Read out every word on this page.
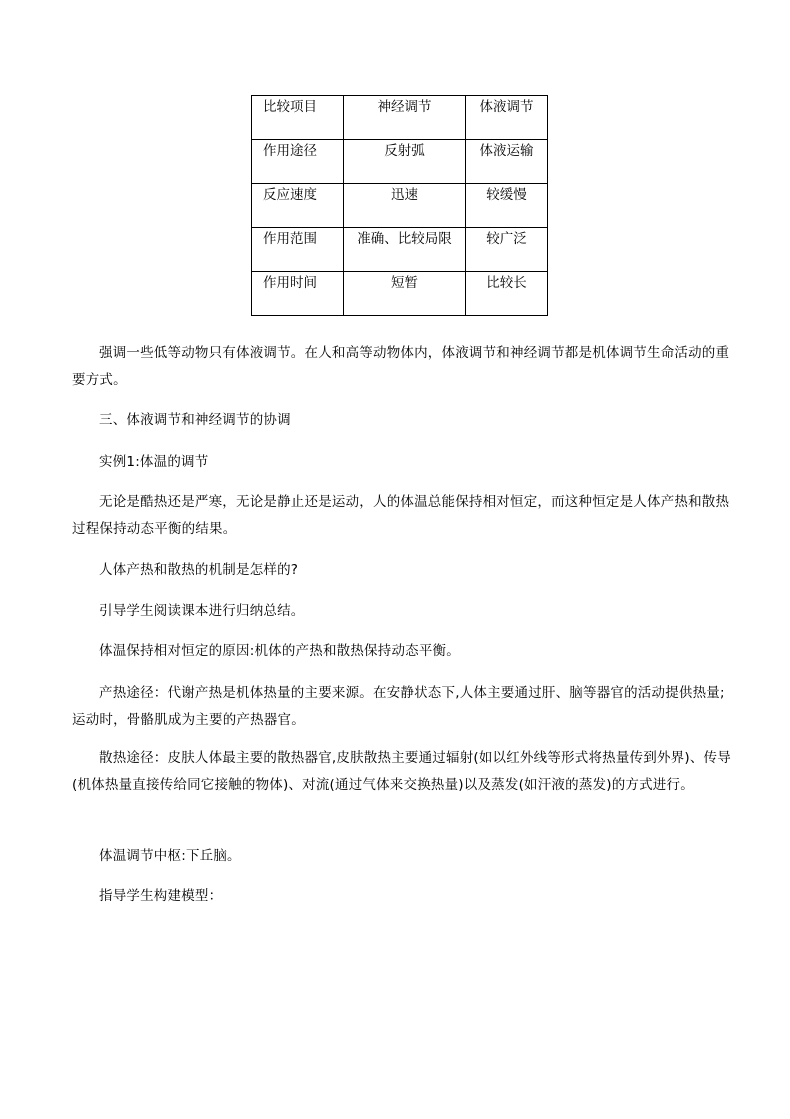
比较项目	神经调节	体液调节
作用途径	反射弧	体液运输
反应速度	迅速	较缓慢
作用范围	准确、比较局限	较广泛
作用时间	短暂	比较长

强调一些低等动物只有体液调节。在人和高等动物体内，体液调节和神经调节都是机体调节生命活动的重要方式。

三、体液调节和神经调节的协调

实例1:体温的调节

无论是酷热还是严寒，无论是静止还是运动，人的体温总能保持相对恒定，而这种恒定是人体产热和散热过程保持动态平衡的结果。

人体产热和散热的机制是怎样的?

引导学生阅读课本进行归纳总结。

体温保持相对恒定的原因:机体的产热和散热保持动态平衡。

产热途径：代谢产热是机体热量的主要来源。在安静状态下,人体主要通过肝、脑等器官的活动提供热量;运动时，骨骼肌成为主要的产热器官。

散热途径：皮肤人体最主要的散热器官,皮肤散热主要通过辐射(如以红外线等形式将热量传到外界)、传导(机体热量直接传给同它接触的物体)、对流(通过气体来交换热量)以及蒸发(如汗液的蒸发)的方式进行。

体温调节中枢:下丘脑。

指导学生构建模型：
